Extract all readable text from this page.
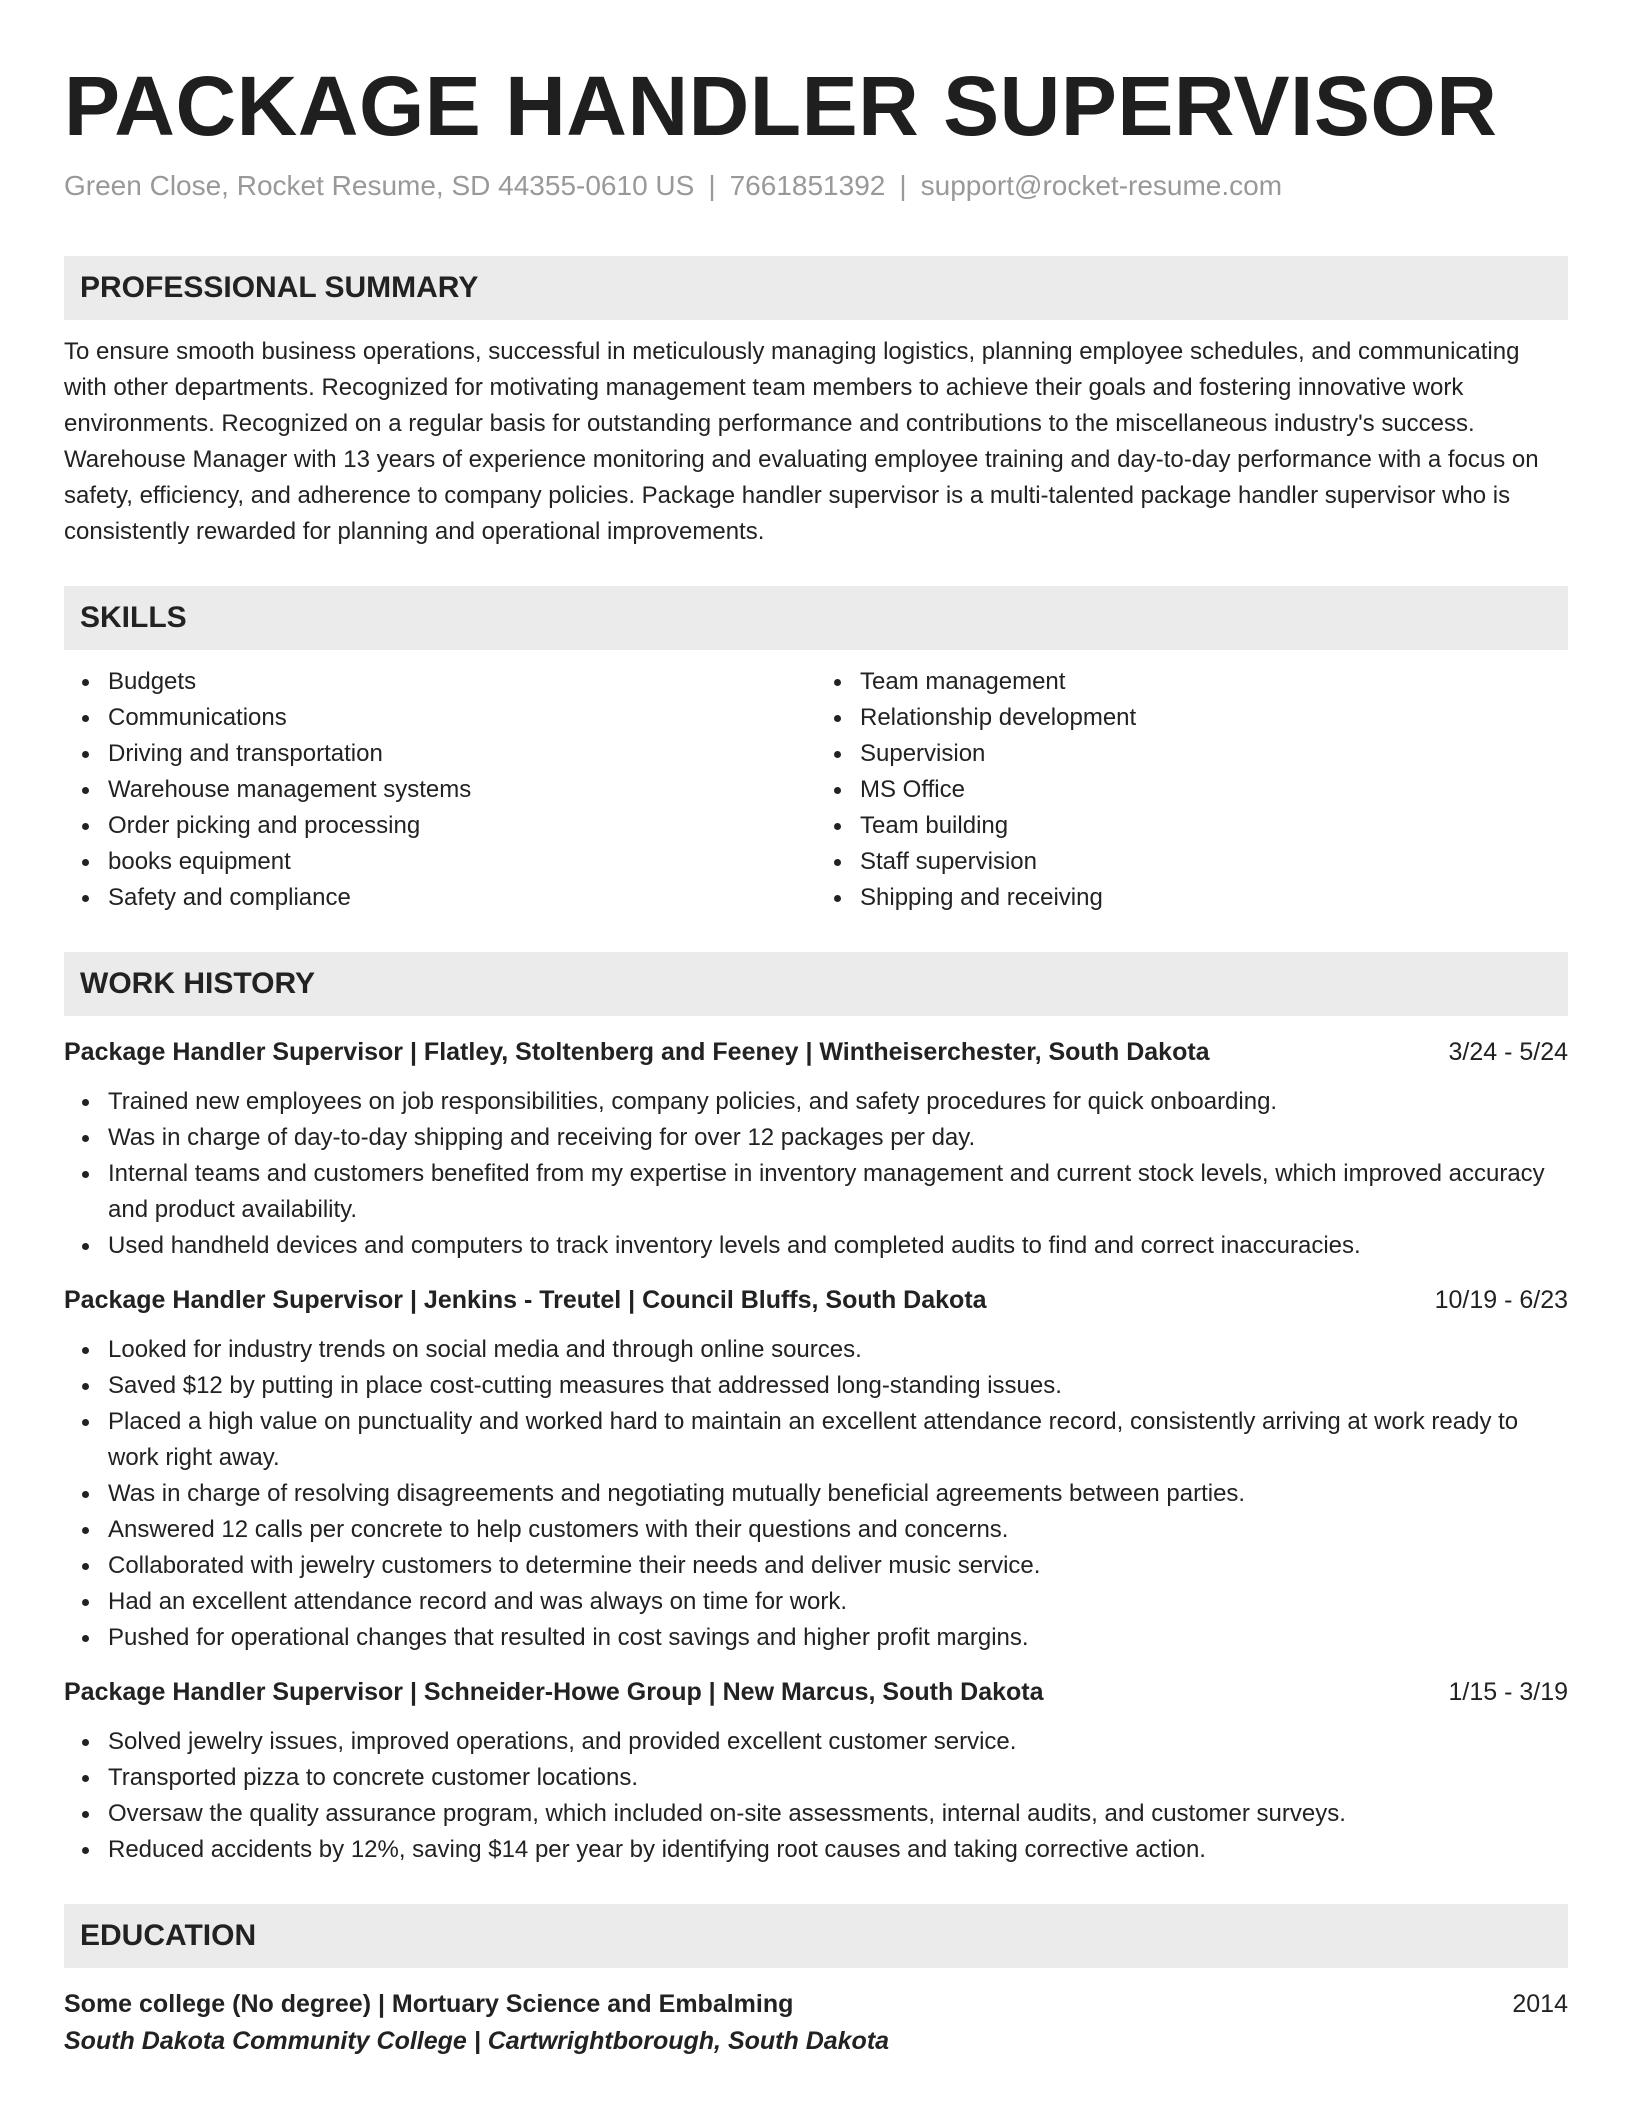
PACKAGE HANDLER SUPERVISOR
Green Close, Rocket Resume, SD 44355-0610 US | 7661851392 | support@rocket-resume.com
PROFESSIONAL SUMMARY

To ensure smooth business operations, successful in meticulously managing logistics, planning employee schedules, and communicating with other departments. Recognized for motivating management team members to achieve their goals and fostering innovative work environments. Recognized on a regular basis for outstanding performance and contributions to the miscellaneous industry's success. Warehouse Manager with 13 years of experience monitoring and evaluating employee training and day-to-day performance with a focus on safety, efficiency, and adherence to company policies. Package handler supervisor is a multi-talented package handler supervisor who is consistently rewarded for planning and operational improvements.

SKILLS
Budgets
Communications
Driving and transportation
Warehouse management systems
Order picking and processing
books equipment
Safety and compliance
Team management
Relationship development
Supervision
MS Office
Team building
Staff supervision
Shipping and receiving
WORK HISTORY
Package Handler Supervisor | Flatley, Stoltenberg and Feeney | Wintheiserchester, South Dakota	3/24 - 5/24
Trained new employees on job responsibilities, company policies, and safety procedures for quick onboarding.
Was in charge of day-to-day shipping and receiving for over 12 packages per day.
Internal teams and customers benefited from my expertise in inventory management and current stock levels, which improved accuracy and product availability.
Used handheld devices and computers to track inventory levels and completed audits to find and correct inaccuracies.
Package Handler Supervisor | Jenkins - Treutel | Council Bluffs, South Dakota	10/19 - 6/23
Looked for industry trends on social media and through online sources.
Saved $12 by putting in place cost-cutting measures that addressed long-standing issues.
Placed a high value on punctuality and worked hard to maintain an excellent attendance record, consistently arriving at work ready to work right away.
Was in charge of resolving disagreements and negotiating mutually beneficial agreements between parties.
Answered 12 calls per concrete to help customers with their questions and concerns.
Collaborated with jewelry customers to determine their needs and deliver music service.
Had an excellent attendance record and was always on time for work.
Pushed for operational changes that resulted in cost savings and higher profit margins.
Package Handler Supervisor | Schneider-Howe Group | New Marcus, South Dakota	1/15 - 3/19
Solved jewelry issues, improved operations, and provided excellent customer service.
Transported pizza to concrete customer locations.
Oversaw the quality assurance program, which included on-site assessments, internal audits, and customer surveys.
Reduced accidents by 12%, saving $14 per year by identifying root causes and taking corrective action.
EDUCATION
Some college (No degree) | Mortuary Science and Embalming	2014
South Dakota Community College | Cartwrightborough, South Dakota
